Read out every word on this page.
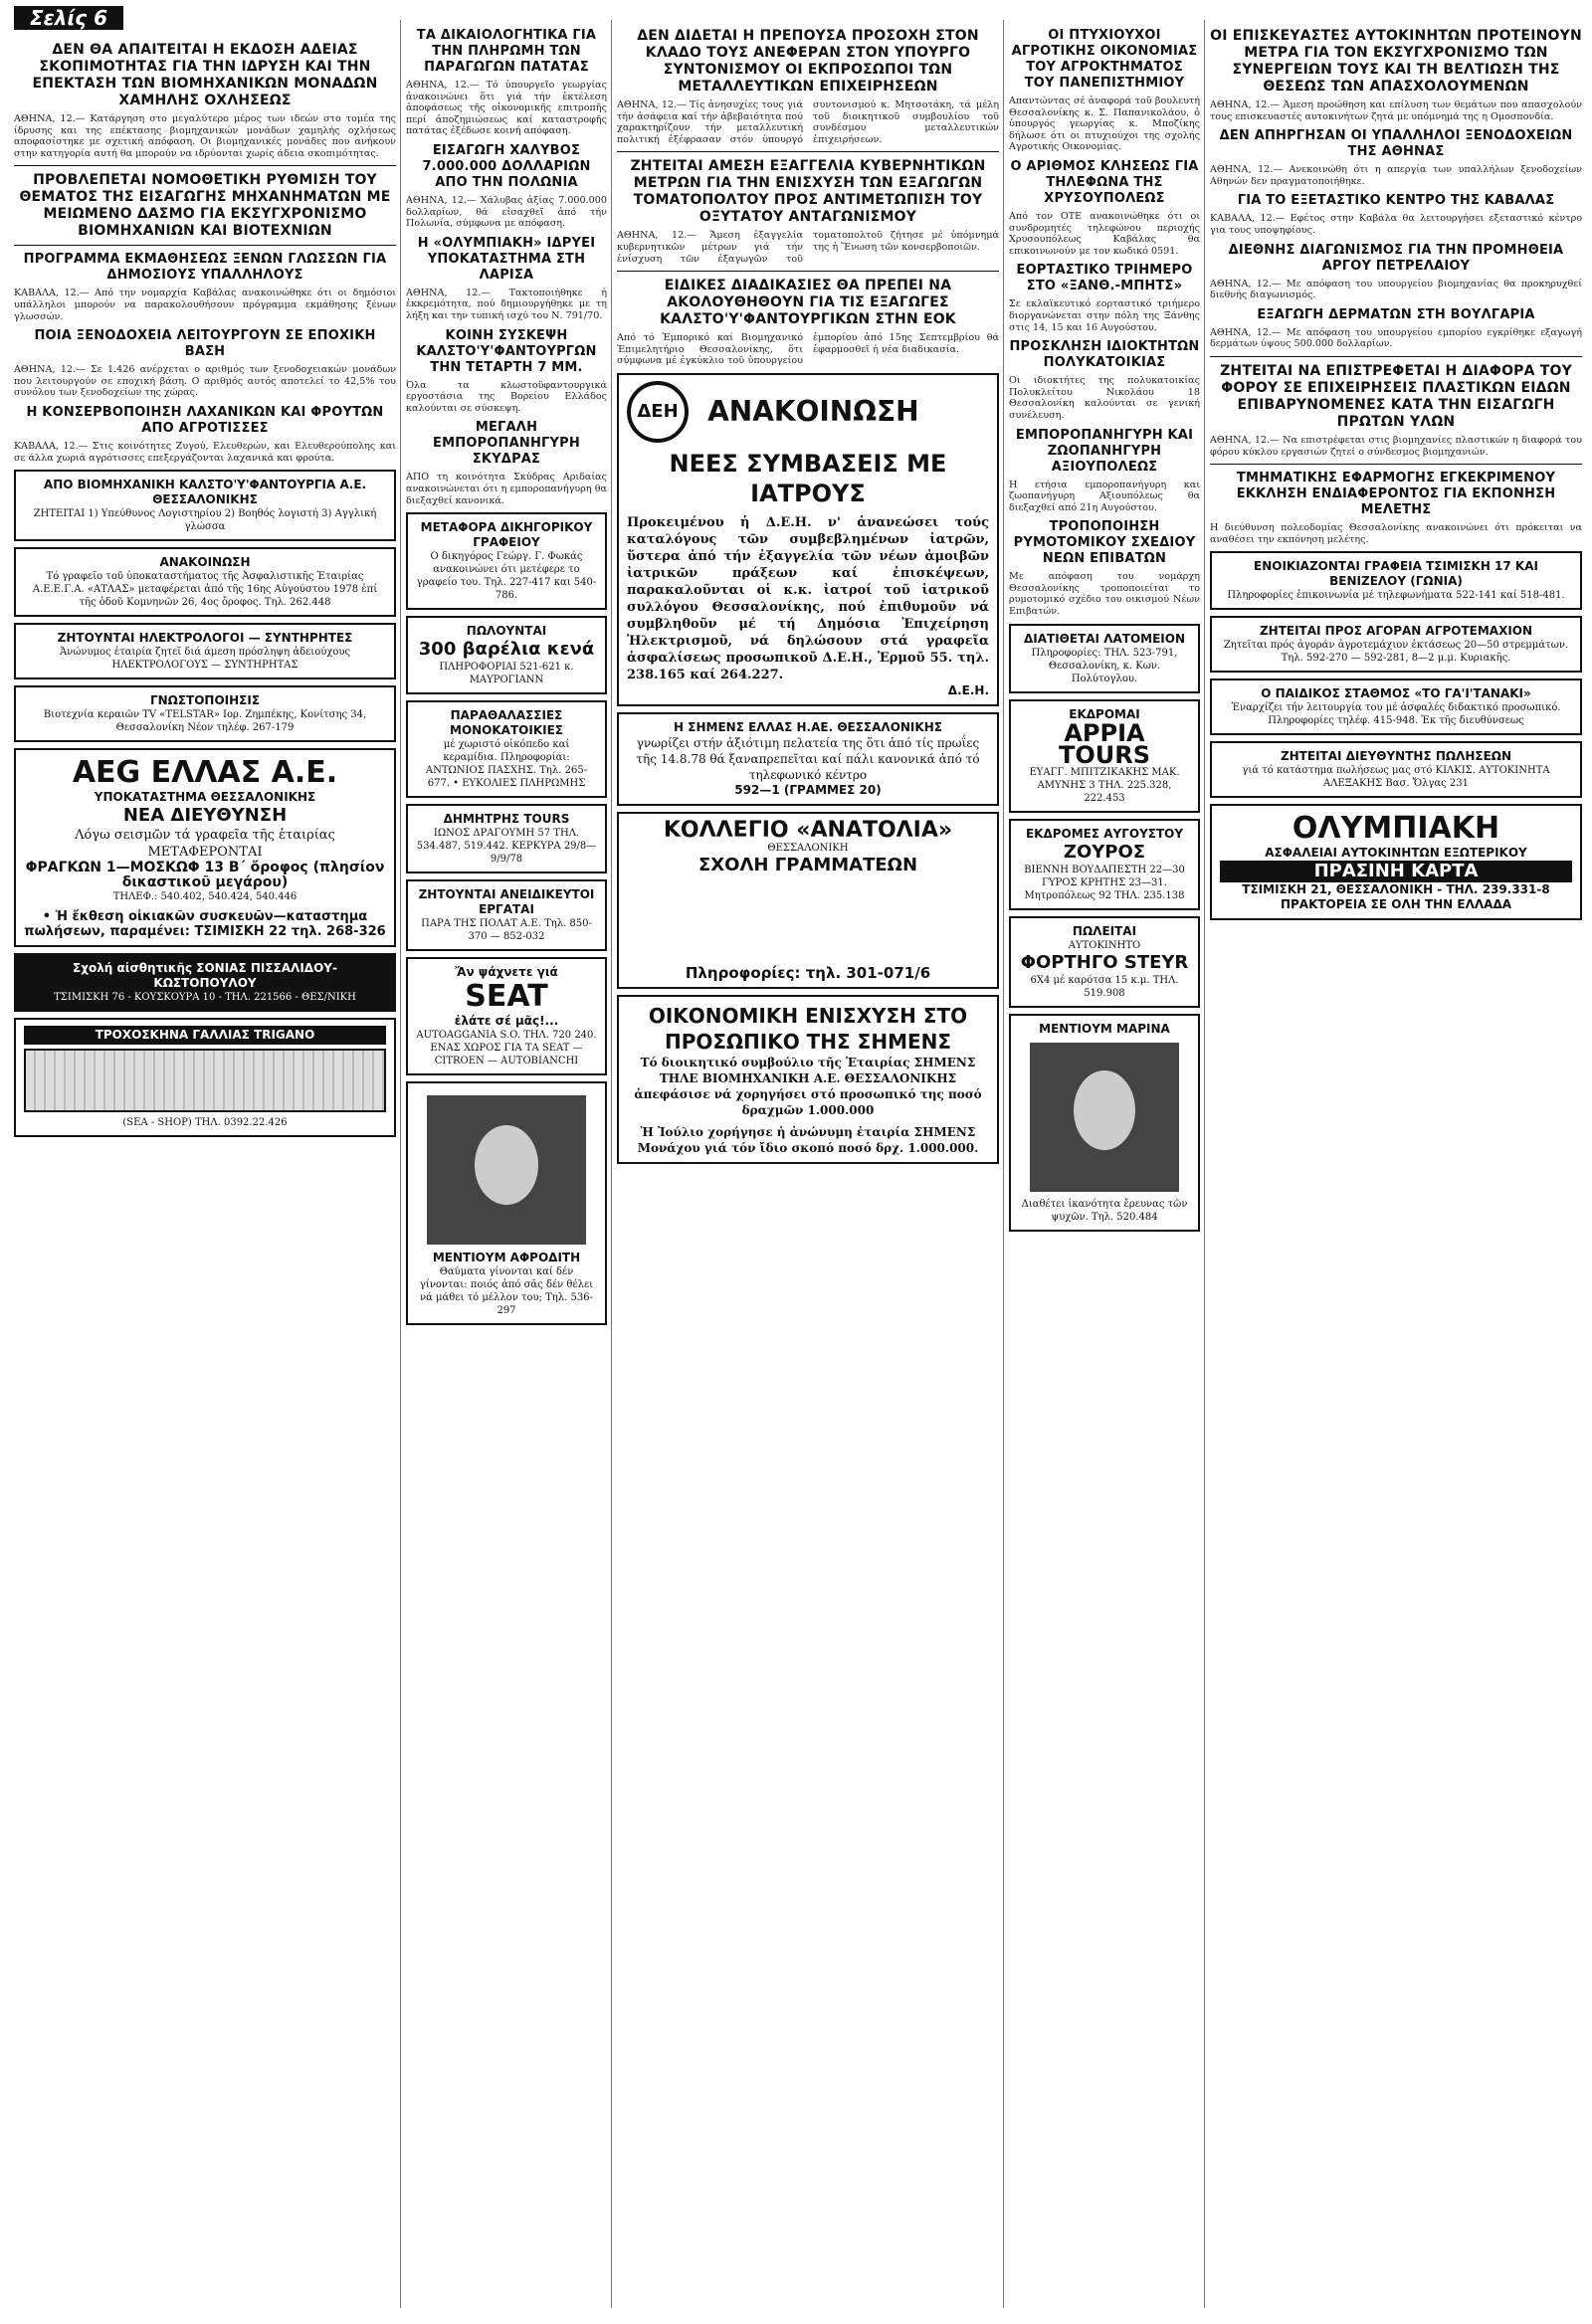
Σελίς 6
ΔΕΝ ΘΑ ΑΠΑΙΤΕΙΤΑΙ Η ΕΚΔΟΣΗ ΑΔΕΙΑΣ ΣΚΟΠΙΜΟΤΗΤΑΣ ΓΙΑ ΤΗΝ ΙΔΡΥΣΗ ΚΑΙ ΤΗΝ ΕΠΕΚΤΑΣΗ ΤΩΝ ΒΙΟΜΗΧΑΝΙΚΩΝ ΜΟΝΑΔΩΝ ΧΑΜΗΛΗΣ ΟΧΛΗΣΕΩΣ
ΑΘΗΝΑ, 12.— Κατάργηση στο μεγαλύτερο μέρος των ιδεών στο τομέα της ίδρυσης και της επέκτασης βιομηχανικών μονάδων χαμηλής οχλήσεως αποφασίστηκε με σχετική απόφαση. Οι βιομηχανικές μονάδες που ανήκουν στην κατηγορία αυτή θα μπορούν να ιδρύονται χωρίς άδεια σκοπιμότητας.
ΠΡΟΒΛΕΠΕΤΑΙ ΝΟΜΟΘΕΤΙΚΗ ΡΥΘΜΙΣΗ ΤΟΥ ΘΕΜΑΤΟΣ ΤΗΣ ΕΙΣΑΓΩΓΗΣ ΜΗΧΑΝΗΜΑΤΩΝ ΜΕ ΜΕΙΩΜΕΝΟ ΔΑΣΜΟ ΓΙΑ ΕΚΣΥΓΧΡΟΝΙΣΜΟ ΒΙΟΜΗΧΑΝΙΩΝ ΚΑΙ ΒΙΟΤΕΧΝΙΩΝ
ΠΡΟΓΡΑΜΜΑ ΕΚΜΑΘΗΣΕΩΣ ΞΕΝΩΝ ΓΛΩΣΣΩΝ ΓΙΑ ΔΗΜΟΣΙΟΥΣ ΥΠΑΛΛΗΛΟΥΣ
ΚΑΒΑΛΑ, 12.— Από την νομαρχία Καβάλας ανακοινώθηκε ότι οι δημόσιοι υπάλληλοι μπορούν να παρακολουθήσουν πρόγραμμα εκμάθησης ξένων γλωσσών.
ΠΟΙΑ ΞΕΝΟΔΟΧΕΙΑ ΛΕΙΤΟΥΡΓΟΥΝ ΣΕ ΕΠΟΧΙΚΗ ΒΑΣΗ
ΑΘΗΝΑ, 12.— Σε 1.426 ανέρχεται ο αριθμός των ξενοδοχειακών μονάδων που λειτουργούν σε εποχική βάση. Ο αριθμός αυτός αποτελεί το 42,5% του συνόλου των ξενοδοχείων της χώρας.
Η ΚΟΝΣΕΡΒΟΠΟΙΗΣΗ ΛΑΧΑΝΙΚΩΝ ΚΑΙ ΦΡΟΥΤΩΝ ΑΠΟ ΑΓΡΟΤΙΣΣΕΣ
ΚΑΒΑΛΑ, 12.— Στις κοινότητες Ζυγού, Ελευθερών, και Ελευθερούπολης και σε άλλα χωριά αγρότισσες επεξεργάζονται λαχανικά και φρούτα.
ΑΠΟ ΒΙΟΜΗΧΑΝΙΚΗ ΚΑΛΣΤΟ'Υ'ΦΑΝΤΟΥΡΓΙΑ Α.Ε. ΘΕΣΣΑΛΟΝΙΚΗΣ
ΖΗΤΕΙΤΑΙ 1) Υπεύθυνος Λογιστηρίου 2) Βοηθός λογιστή 3) Αγγλική γλώσσα
ΑΝΑΚΟΙΝΩΣΗ
Τό γραφεῖο τοῦ ὑποκαταστήματος τῆς Ἀσφαλιστικῆς Ἑταιρίας Α.Ε.Ε.Γ.Α. «ΑΤΛΑΣ» μεταφέρεται ἀπό τῆς 16ης Αὐγούστου 1978 ἐπί τῆς ὁδοῦ Κομνηνῶν 26, 4ος ὄροφος. Τηλ. 262.448
ΖΗΤΟΥΝΤΑΙ ΗΛΕΚΤΡΟΛΟΓΟΙ — ΣΥΝΤΗΡΗΤΕΣ
Ἀνώνυμος ἑταιρία ζητεῖ διά άμεση πρόσληψη ἀδειούχους ΗΛΕΚΤΡΟΛΟΓΟΥΣ — ΣΥΝΤΗΡΗΤΑΣ
ΓΝΩΣΤΟΠΟΙΗΣΙΣ
Βιοτεχνία κεραιῶν TV «TELSTAR» Ιορ. Ζημπέκης, Κονίτσης 34, Θεσσαλονίκη Νέον τηλέφ. 267-179
AEG ΕΛΛΑΣ Α.Ε.
ΥΠΟΚΑΤΑΣΤΗΜΑ ΘΕΣΣΑΛΟΝΙΚΗΣ
ΝΕΑ ΔΙΕΥΘΥΝΣΗ
Λόγω σεισμῶν τά γραφεῖα τῆς ἑταιρίας ΜΕΤΑΦΕΡΟΝΤΑΙ
ΦΡΑΓΚΩΝ 1—ΜΟΣΚΩΦ 13 Β΄ ὄροφος (πλησίον δικαστικοῦ μεγάρου)
ΤΗΛΕΦ.: 540.402, 540.424, 540.446
• Ἡ ἔκθεση οἰκιακῶν συσκευῶν—καταστημα πωλήσεων, παραμένει: ΤΣΙΜΙΣΚΗ 22 τηλ. 268-326
Σχολή αἰσθητικῆς ΣΟΝΙΑΣ ΠΙΣΣΑΛΙΔΟΥ-ΚΩΣΤΟΠΟΥΛΟΥ
ΤΣΙΜΙΣΚΗ 76 - ΚΟΥΣΚΟΥΡΑ 10 - ΤΗΛ. 221566 - ΘΕΣ/ΝΙΚΗ
ΤΡΟΧΟΣΚΗΝΑ ΓΑΛΛΙΑΣ TRIGANO
(SEA - SHOP) ΤΗΛ. 0392.22.426
ΤΑ ΔΙΚΑΙΟΛΟΓΗΤΙΚΑ ΓΙΑ ΤΗΝ ΠΛΗΡΩΜΗ ΤΩΝ ΠΑΡΑΓΩΓΩΝ ΠΑΤΑΤΑΣ
ΑΘΗΝΑ, 12.— Τό ὑπουργεῖο γεωργίας ἀνακοινώνει ὅτι γιά τήν ἐκτέλεση ἀποφάσεως τῆς οἰκονομικῆς επιτροπῆς περί ἀποζημιώσεως καί καταστροφῆς πατάτας ἐξέδωσε κοινή απόφαση.
ΕΙΣΑΓΩΓΗ ΧΑΛΥΒΟΣ 7.000.000 ΔΟΛΛΑΡΙΩΝ ΑΠΟ ΤΗΝ ΠΟΛΩΝΙΑ
ΑΘΗΝΑ, 12.— Χάλυβας ἀξίας 7.000.000 δολλαρίων, θά εἰσαχθεῖ ἀπό τήν Πολωνία, σύμφωνα με απόφαση.
Η «ΟΛΥΜΠΙΑΚΗ» ΙΔΡΥΕΙ ΥΠΟΚΑΤΑΣΤΗΜΑ ΣΤΗ ΛΑΡΙΣΑ
ΑΘΗΝΑ, 12.— Τακτοποιήθηκε ἡ ἐκκρεμότητα, πού δημιουργήθηκε με τη λήξη και την τυπική ισχύ του Ν. 791/70.
ΚΟΙΝΗ ΣΥΣΚΕΨΗ ΚΑΛΣΤΟ'Υ'ΦΑΝΤΟΥΡΓΩΝ ΤΗΝ ΤΕΤΑΡΤΗ 7 ΜΜ.
Όλα τα κλωστοϋφαντουργικά εργοστάσια της Βορείου Ελλάδος καλούνται σε σύσκεψη.
ΜΕΓΑΛΗ ΕΜΠΟΡΟΠΑΝΗΓΥΡΗ ΣΚΥΔΡΑΣ
ΑΠΟ τη κοινότητα Σκύδρας Αριδαίας ανακοινώνεται ότι η εμποροπανήγυρη θα διεξαχθεί κανονικά.
ΜΕΤΑΦΟΡΑ ΔΙΚΗΓΟΡΙΚΟΥ ΓΡΑΦΕΙΟΥ
Ο δικηγόρος Γεώργ. Γ. Φωκάς ανακοινώνει ότι μετέφερε το γραφείο του. Τηλ. 227-417 και 540-786.
ΠΩΛΟΥΝΤΑΙ
300 βαρέλια κενά
ΠΛΗΡΟΦΟΡΙΑΙ 521-621 κ. ΜΑΥΡΟΓΙΑΝΝ
ΠΑΡΑΘΑΛΑΣΣΙΕΣ ΜΟΝΟΚΑΤΟΙΚΙΕΣ
μέ χωριστό οἰκόπεδο καί κεραμίδια. Πληροφορίαι: ΑΝΤΩΝΙΟΣ ΠΑΣΧΗΣ. Τηλ. 265-677. • ΕΥΚΟΛΙΕΣ ΠΛΗΡΩΜΗΣ
ΔΗΜΗΤΡΗΣ TOURS
ΙΩΝΟΣ ΔΡΑΓΟΥΜΗ 57 ΤΗΛ. 534.487, 519.442. ΚΕΡΚΥΡΑ 29/8—9/9/78
ΖΗΤΟΥΝΤΑΙ ΑΝΕΙΔΙΚΕΥΤΟΙ ΕΡΓΑΤΑΙ
ΠΑΡΑ ΤΗΣ ΠΟΛΑΤ Α.Ε. Τηλ. 850-370 — 852-032
Ἄν ψάχνετε γιά
SEAT
ἐλάτε σέ μᾶς!...
AUTOAGGANIA S.O. ΤΗΛ. 720 240. ΕΝΑΣ ΧΩΡΟΣ ΓΙΑ ΤΑ SEAT — CITROEN — AUTOBIANCHI
ΜΕΝΤΙΟΥΜ ΑΦΡΟΔΙΤΗ
Θαύματα γίνονται καί δέν γίνονται: ποιός ἀπό σᾶς δέν θέλει νά μάθει τό μέλλον του; Τηλ. 536-297
ΔΕΝ ΔΙΔΕΤΑΙ Η ΠΡΕΠΟΥΣΑ ΠΡΟΣΟΧΗ ΣΤΟΝ ΚΛΑΔΟ ΤΟΥΣ ΑΝΕΦΕΡΑΝ ΣΤΟΝ ΥΠΟΥΡΓΟ ΣΥΝΤΟΝΙΣΜΟΥ ΟΙ ΕΚΠΡΟΣΩΠΟΙ ΤΩΝ ΜΕΤΑΛΛΕΥΤΙΚΩΝ ΕΠΙΧΕΙΡΗΣΕΩΝ
ΑΘΗΝΑ, 12.— Τίς ἀνησυχίες τους γιά τήν ἀσάφεια καί τήν ἀβεβαιότητα πού χαρακτηρίζουν τήν μεταλλευτική πολιτική ἐξέφρασαν στόν ὑπουργό συντονισμού κ. Μητσοτάκη, τά μέλη τοῦ διοικητικοῦ συμβουλίου τοῦ συνδέσμου μεταλλευτικών ἐπιχειρήσεων.
ΖΗΤΕΙΤΑΙ ΑΜΕΣΗ ΕΞΑΓΓΕΛΙΑ ΚΥΒΕΡΝΗΤΙΚΩΝ ΜΕΤΡΩΝ ΓΙΑ ΤΗΝ ΕΝΙΣΧΥΣΗ ΤΩΝ ΕΞΑΓΩΓΩΝ ΤΟΜΑΤΟΠΟΛΤΟΥ ΠΡΟΣ ΑΝΤΙΜΕΤΩΠΙΣΗ ΤΟΥ ΟΞΥΤΑΤΟΥ ΑΝΤΑΓΩΝΙΣΜΟΥ
ΑΘΗΝΑ, 12.— Ἄμεση ἐξαγγελία κυβερνητικῶν μέτρων γιά τήν ἐνίσχυση τῶν ἐξαγωγῶν τοῦ τοματοπολτοῦ ζήτησε μέ ὑπόμνημά της ἡ Ἕνωση τῶν κονσερβοποιῶν.
ΕΙΔΙΚΕΣ ΔΙΑΔΙΚΑΣΙΕΣ ΘΑ ΠΡΕΠΕΙ ΝΑ ΑΚΟΛΟΥΘΗΘΟΥΝ ΓΙΑ ΤΙΣ ΕΞΑΓΩΓΕΣ ΚΑΛΣΤΟ'Υ'ΦΑΝΤΟΥΡΓΙΚΩΝ ΣΤΗΝ ΕΟΚ
Από τό Ἐμπορικό καί Βιομηχανικό Ἐπιμελητήριο Θεσσαλονίκης, ὅτι σύμφωνα μέ ἐγκύκλιο τοῦ ὑπουργείου ἐμπορίου ἀπό 15ης Σεπτεμβρίου θά ἐφαρμοσθεῖ ἡ νέα διαδικασία.
ΔΕΗ ΑΝΑΚΟΙΝΩΣΗ
ΝΕΕΣ ΣΥΜΒΑΣΕΙΣ ΜΕ ΙΑΤΡΟΥΣ
Προκειμένου ἡ Δ.Ε.Η. ν' ἀνανεώσει τούς καταλόγους τῶν συμβεβλημένων ἰατρῶν, ὕστερα ἀπό τήν ἐξαγγελία τῶν νέων ἀμοιβῶν ἰατρικῶν πράξεων καί ἐπισκέψεων, παρακαλοῦνται οἱ κ.κ. ἰατροί τοῦ ἰατρικοῦ συλλόγου Θεσσαλονίκης, πού ἐπιθυμοῦν νά συμβληθοῦν μέ τή Δημόσια Ἐπιχείρηση Ἠλεκτρισμοῦ, νά δηλώσουν στά γραφεῖα ἀσφαλίσεως προσωπικοῦ Δ.Ε.Η., Ἐρμοῦ 55. τηλ. 238.165 καί 264.227.
Δ.Ε.Η.
Η ΣΗΜΕΝΣ ΕΛΛΑΣ Η.ΑΕ. ΘΕΣΣΑΛΟΝΙΚΗΣ
γνωρίζει στήν ἀξιότιμη πελατεία της ὅτι ἀπό τίς πρωΐες τῆς 14.8.78 θά ξαναπρεπεῖται καί πάλι κανονικά ἀπό τό τηλεφωνικό κέντρο
592—1 (ΓΡΑΜΜΕΣ 20)
ΚΟΛΛΕΓΙΟ «ΑΝΑΤΟΛΙΑ»
ΘΕΣΣΑΛΟΝΙΚΗ
ΣΧΟΛΗ ΓΡΑΜΜΑΤΕΩΝ
Πληροφορίες: τηλ. 301-071/6
ΟΙΚΟΝΟΜΙΚΗ ΕΝΙΣΧΥΣΗ ΣΤΟ ΠΡΟΣΩΠΙΚΟ ΤΗΣ ΣΗΜΕΝΣ
Τό διοικητικό συμβούλιο τῆς Ἑταιρίας ΣΗΜΕΝΣ ΤΗΛΕ ΒΙΟΜΗΧΑΝΙΚΗ Α.Ε. ΘΕΣΣΑΛΟΝΙΚΗΣ ἀπεφάσισε νά χορηγήσει στό προσωπικό της ποσό δραχμῶν 1.000.000
Ἡ Ἰούλιο χορήγησε ἡ ἀνώνυμη ἑταιρία ΣΗΜΕΝΣ Μονάχου γιά τόν ἴδιο σκοπό ποσό δρχ. 1.000.000.
ΟΙ ΠΤΥΧΙΟΥΧΟΙ ΑΓΡΟΤΙΚΗΣ ΟΙΚΟΝΟΜΙΑΣ ΤΟΥ ΑΓΡΟΚΤΗΜΑΤΟΣ ΤΟΥ ΠΑΝΕΠΙΣΤΗΜΙΟΥ
Απαντώντας σέ ἀναφορά τοῦ βουλευτή Θεσσαλονίκης κ. Σ. Παπανικολάου, ὁ ὑπουργός γεωργίας κ. Μποζίκης δήλωσε ότι οι πτυχιούχοι της σχολής Αγροτικής Οικονομίας.
Ο ΑΡΙΘΜΟΣ ΚΛΗΣΕΩΣ ΓΙΑ ΤΗΛΕΦΩΝΑ ΤΗΣ ΧΡΥΣΟΥΠΟΛΕΩΣ
Από τον ΟΤΕ ανακοινώθηκε ότι οι συνδρομητές τηλεφώνου περιοχής Χρυσουπόλεως Καβάλας θα επικοινωνούν με τον κωδικό 0591.
ΕΟΡΤΑΣΤΙΚΟ ΤΡΙΗΜΕΡΟ ΣΤΟ «ΞΑΝΘ.-ΜΠΗΤΣ»
Σε εκλαϊκευτικό εορταστικό τριήμερο διοργανώνεται στην πόλη της Ξάνθης στις 14, 15 και 16 Αυγούστου.
ΠΡΟΣΚΛΗΣΗ ΙΔΙΟΚΤΗΤΩΝ ΠΟΛΥΚΑΤΟΙΚΙΑΣ
Οι ιδιοκτήτες της πολυκατοικίας Πολυκλείτου Νικολάου 18 Θεσσαλονίκη καλούνται σε γενική συνέλευση.
ΕΜΠΟΡΟΠΑΝΗΓΥΡΗ ΚΑΙ ΖΩΟΠΑΝΗΓΥΡΗ ΑΞΙΟΥΠΟΛΕΩΣ
Η ετήσια εμποροπανήγυρη και ζωοπανήγυρη Αξιουπόλεως θα διεξαχθεί από 21η Αυγούστου.
ΤΡΟΠΟΠΟΙΗΣΗ ΡΥΜΟΤΟΜΙΚΟΥ ΣΧΕΔΙΟΥ ΝΕΩΝ ΕΠΙΒΑΤΩΝ
Με απόφαση του νομάρχη Θεσσαλονίκης τροποποιείται το ρυμοτομικό σχέδιο του οικισμού Νέων Επιβατών.
ΔΙΑΤΙΘΕΤΑΙ ΛΑΤΟΜΕΙΟΝ
Πληροφορίες: ΤΗΛ. 523-791, Θεσσαλονίκη, κ. Κων. Πολύτογλου.
ΕΚΔΡΟΜΑΙ
APPIA TOURS
ΕΥΑΓΓ. ΜΠΙΤΖΙΚΑΚΗΣ ΜΑΚ. ΑΜΥΝΗΣ 3 ΤΗΛ. 225.328, 222.453
ΕΚΔΡΟΜΕΣ ΑΥΓΟΥΣΤΟΥ
ΖΟΥΡΟΣ
ΒΙΕΝΝΗ ΒΟΥΔΑΠΕΣΤΗ 22—30 ΓΥΡΟΣ ΚΡΗΤΗΣ 23—31. Μητροπόλεως 92 ΤΗΛ. 235.138
ΠΩΛΕΙΤΑΙ
ΑΥΤΟΚΙΝΗΤΟ
ΦΟΡΤΗΓΟ STEYR
6Χ4 μέ καρότσα 15 κ.μ. ΤΗΛ. 519.908
ΜΕΝΤΙΟΥΜ ΜΑΡΙΝΑ
Διαθέτει ἱκανότητα ἔρευνας τῶν ψυχῶν. Τηλ. 520.484
ΟΙ ΕΠΙΣΚΕΥΑΣΤΕΣ ΑΥΤΟΚΙΝΗΤΩΝ ΠΡΟΤΕΙΝΟΥΝ ΜΕΤΡΑ ΓΙΑ ΤΟΝ ΕΚΣΥΓΧΡΟΝΙΣΜΟ ΤΩΝ ΣΥΝΕΡΓΕΙΩΝ ΤΟΥΣ ΚΑΙ ΤΗ ΒΕΛΤΙΩΣΗ ΤΗΣ ΘΕΣΕΩΣ ΤΩΝ ΑΠΑΣΧΟΛΟΥΜΕΝΩΝ
ΑΘΗΝΑ, 12.— Άμεση προώθηση και επίλυση των θεμάτων που απασχολούν τους επισκευαστές αυτοκινήτων ζητά με υπόμνημά της η Ομοσπονδία.
ΔΕΝ ΑΠΗΡΓΗΣΑΝ ΟΙ ΥΠΑΛΛΗΛΟΙ ΞΕΝΟΔΟΧΕΙΩΝ ΤΗΣ ΑΘΗΝΑΣ
ΑΘΗΝΑ, 12.— Ανεκοινώθη ότι η απεργία των υπαλλήλων ξενοδοχείων Αθηνών δεν πραγματοποιήθηκε.
ΓΙΑ ΤΟ ΕΞΕΤΑΣΤΙΚΟ ΚΕΝΤΡΟ ΤΗΣ ΚΑΒΑΛΑΣ
ΚΑΒΑΛΑ, 12.— Εφέτος στην Καβάλα θα λειτουργήσει εξεταστικό κέντρο για τους υποψηφίους.
ΔΙΕΘΝΗΣ ΔΙΑΓΩΝΙΣΜΟΣ ΓΙΑ ΤΗΝ ΠΡΟΜΗΘΕΙΑ ΑΡΓΟΥ ΠΕΤΡΕΛΑΙΟΥ
ΑΘΗΝΑ, 12.— Με απόφαση του υπουργείου βιομηχανίας θα προκηρυχθεί διεθνής διαγωνισμός.
ΕΞΑΓΩΓΗ ΔΕΡΜΑΤΩΝ ΣΤΗ ΒΟΥΛΓΑΡΙΑ
ΑΘΗΝΑ, 12.— Με απόφαση του υπουργείου εμπορίου εγκρίθηκε εξαγωγή δερμάτων ύψους 500.000 δολλαρίων.
ΖΗΤΕΙΤΑΙ ΝΑ ΕΠΙΣΤΡΕΦΕΤΑΙ Η ΔΙΑΦΟΡΑ ΤΟΥ ΦΟΡΟΥ ΣΕ ΕΠΙΧΕΙΡΗΣΕΙΣ ΠΛΑΣΤΙΚΩΝ ΕΙΔΩΝ ΕΠΙΒΑΡΥΝΟΜΕΝΕΣ ΚΑΤΑ ΤΗΝ ΕΙΣΑΓΩΓΗ ΠΡΩΤΩΝ ΥΛΩΝ
ΑΘΗΝΑ, 12.— Να επιστρέφεται στις βιομηχανίες πλαστικών η διαφορά του φόρου κύκλου εργασιών ζητεί ο σύνδεσμος βιομηχανιών.
ΤΜΗΜΑΤΙΚΗΣ ΕΦΑΡΜΟΓΗΣ ΕΓΚΕΚΡΙΜΕΝΟΥ ΕΚΚΛΗΣΗ ΕΝΔΙΑΦΕΡΟΝΤΟΣ ΓΙΑ ΕΚΠΟΝΗΣΗ ΜΕΛΕΤΗΣ
Η διεύθυνση πολεοδομίας Θεσσαλονίκης ανακοινώνει ότι πρόκειται να αναθέσει την εκπόνηση μελέτης.
ΕΝΟΙΚΙΑΖΟΝΤΑΙ ΓΡΑΦΕΙΑ ΤΣΙΜΙΣΚΗ 17 ΚΑΙ ΒΕΝΙΖΕΛΟΥ (ΓΩΝΙΑ)
Πληροφορίες ἐπικοινωνία μέ τηλεφωνήματα 522-141 καί 518-481.
ΖΗΤΕΙΤΑΙ ΠΡΟΣ ΑΓΟΡΑΝ ΑΓΡΟΤΕΜΑΧΙΟΝ
Ζητεῖται πρός ἀγοράν ἀγροτεμάχιον ἐκτάσεως 20—50 στρεμμάτων. Τηλ. 592-270 — 592-281, 8—2 μ.μ. Κυριακῆς.
Ο ΠΑΙΔΙΚΟΣ ΣΤΑΘΜΟΣ «ΤΟ ΓΑ'Ι'ΤΑΝΑΚΙ»
Ἐναρχίζει τήν λειτουργία του μέ ἀσφαλές διδακτικό προσωπικό. Πληροφορίες τηλέφ. 415-948. Ἐκ τῆς διευθύνσεως
ΖΗΤΕΙΤΑΙ ΔΙΕΥΘΥΝΤΗΣ ΠΩΛΗΣΕΩΝ
γιά τό κατάστημα πωλήσεως μας στό ΚΙΛΚΙΣ. ΑΥΤΟΚΙΝΗΤΑ ΑΛΕΞΑΚΗΣ Βασ. Ὄλγας 231
ΟΛΥΜΠΙΑΚΗ
ΑΣΦΑΛΕΙΑΙ ΑΥΤΟΚΙΝΗΤΩΝ ΕΞΩΤΕΡΙΚΟΥ
ΠΡΑΣΙΝΗ ΚΑΡΤΑ
ΤΣΙΜΙΣΚΗ 21, ΘΕΣΣΑΛΟΝΙΚΗ - ΤΗΛ. 239.331-8 ΠΡΑΚΤΟΡΕΙΑ ΣΕ ΟΛΗ ΤΗΝ ΕΛΛΑΔΑ
